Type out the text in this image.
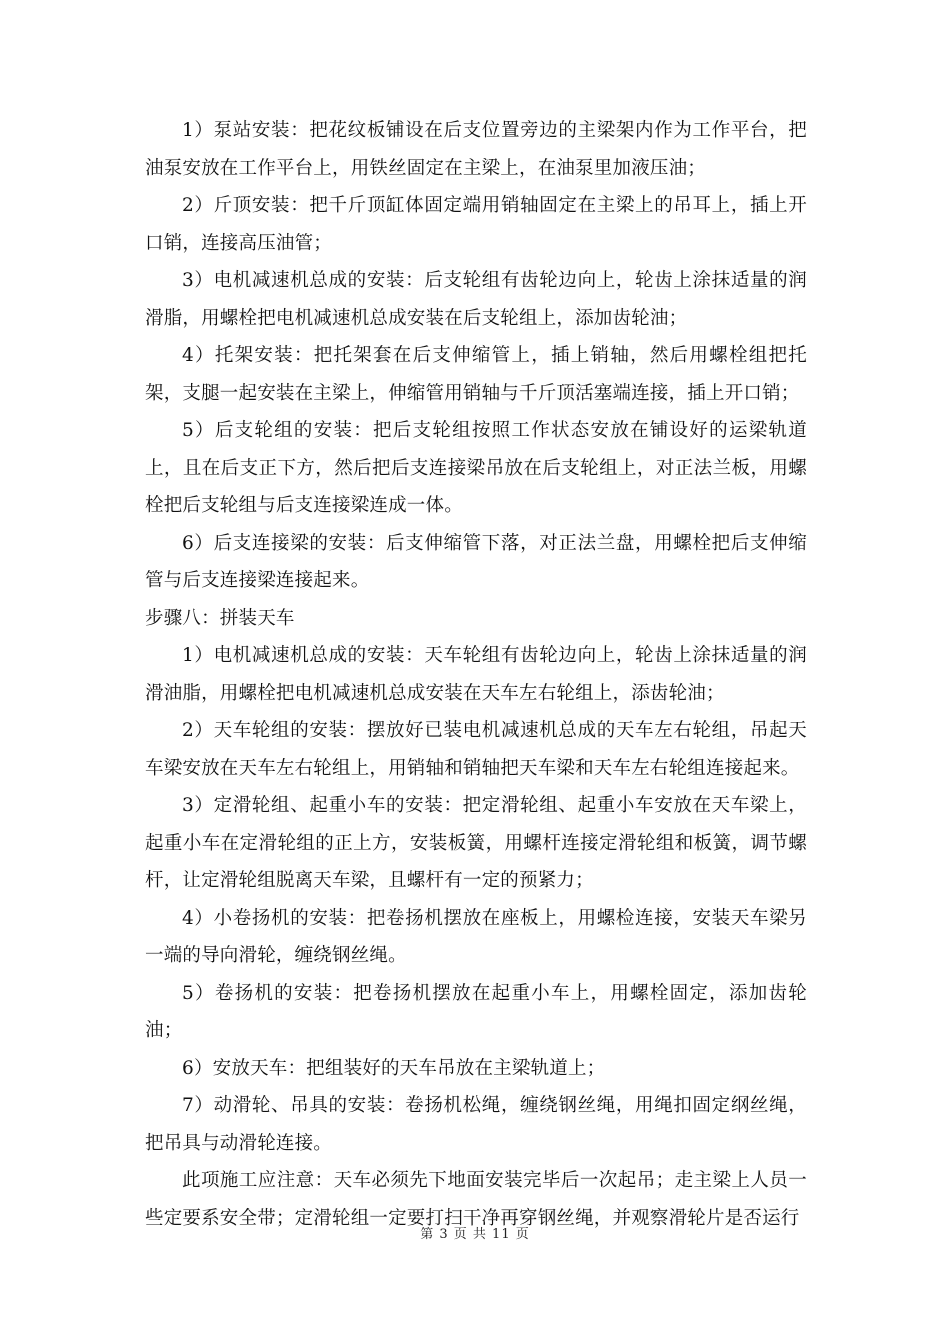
1）泵站安装：把花纹板铺设在后支位置旁边的主梁架内作为工作平台，把油泵安放在工作平台上，用铁丝固定在主梁上，在油泵里加液压油；

2）斤顶安装：把千斤顶缸体固定端用销轴固定在主梁上的吊耳上，插上开口销，连接高压油管；

3）电机减速机总成的安装：后支轮组有齿轮边向上，轮齿上涂抹适量的润滑脂，用螺栓把电机减速机总成安装在后支轮组上，添加齿轮油；

4）托架安装：把托架套在后支伸缩管上，插上销轴，然后用螺栓组把托架，支腿一起安装在主梁上，伸缩管用销轴与千斤顶活塞端连接，插上开口销；

5）后支轮组的安装：把后支轮组按照工作状态安放在铺设好的运梁轨道上，且在后支正下方，然后把后支连接梁吊放在后支轮组上，对正法兰板，用螺栓把后支轮组与后支连接梁连成一体。

6）后支连接梁的安装：后支伸缩管下落，对正法兰盘，用螺栓把后支伸缩管与后支连接梁连接起来。

步骤八：拼装天车

1）电机减速机总成的安装：天车轮组有齿轮边向上，轮齿上涂抹适量的润滑油脂，用螺栓把电机减速机总成安装在天车左右轮组上，添齿轮油；

2）天车轮组的安装：摆放好已装电机减速机总成的天车左右轮组，吊起天车梁安放在天车左右轮组上，用销轴和销轴把天车梁和天车左右轮组连接起来。

3）定滑轮组、起重小车的安装：把定滑轮组、起重小车安放在天车梁上，起重小车在定滑轮组的正上方，安装板簧，用螺杆连接定滑轮组和板簧，调节螺杆，让定滑轮组脱离天车梁，且螺杆有一定的预紧力；

4）小卷扬机的安装：把卷扬机摆放在座板上，用螺检连接，安装天车梁另一端的导向滑轮，缠绕钢丝绳。

5）卷扬机的安装：把卷扬机摆放在起重小车上，用螺栓固定，添加齿轮油；

6）安放天车：把组装好的天车吊放在主梁轨道上；

7）动滑轮、吊具的安装：卷扬机松绳，缠绕钢丝绳，用绳扣固定纲丝绳，把吊具与动滑轮连接。

此项施工应注意：天车必须先下地面安装完毕后一次起吊；走主梁上人员一些定要系安全带；定滑轮组一定要打扫干净再穿钢丝绳，并观察滑轮片是否运行

第 3 页 共 11 页
